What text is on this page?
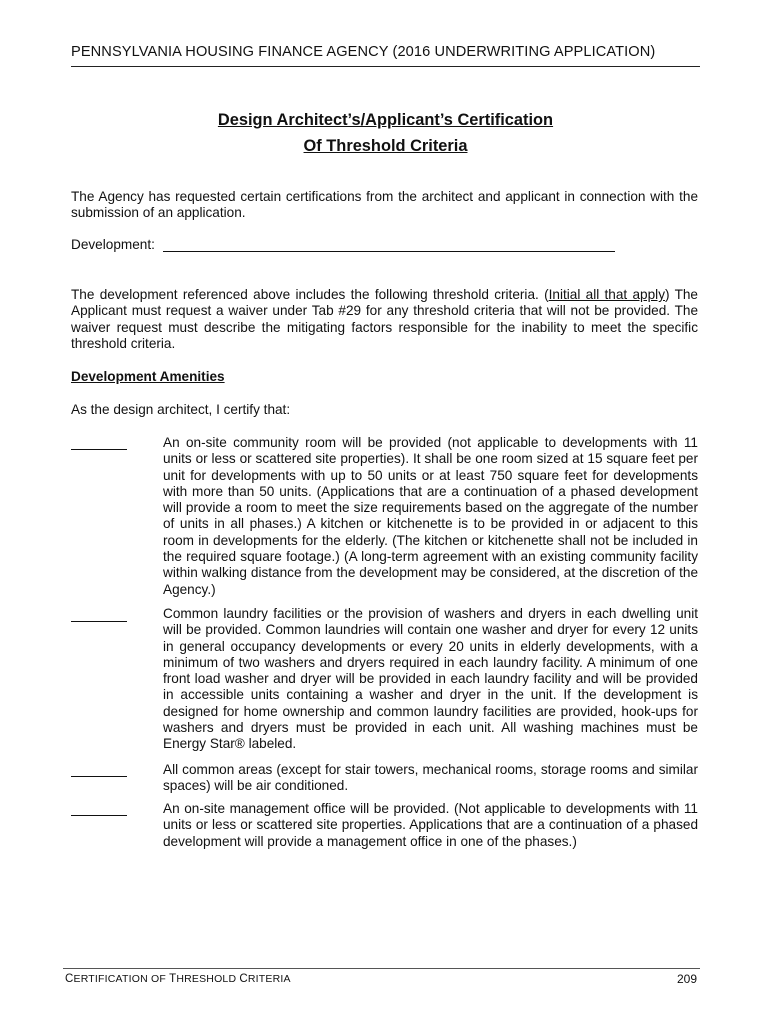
PENNSYLVANIA HOUSING FINANCE AGENCY (2016 UNDERWRITING APPLICATION)
Design Architect’s/Applicant’s Certification
Of Threshold Criteria
The Agency has requested certain certifications from the architect and applicant in connection with the submission of an application.
Development:
The development referenced above includes the following threshold criteria. (Initial all that apply) The Applicant must request a waiver under Tab #29 for any threshold criteria that will not be provided. The waiver request must describe the mitigating factors responsible for the inability to meet the specific threshold criteria.
Development Amenities
As the design architect, I certify that:
An on-site community room will be provided (not applicable to developments with 11 units or less or scattered site properties). It shall be one room sized at 15 square feet per unit for developments with up to 50 units or at least 750 square feet for developments with more than 50 units. (Applications that are a continuation of a phased development will provide a room to meet the size requirements based on the aggregate of the number of units in all phases.) A kitchen or kitchenette is to be provided in or adjacent to this room in developments for the elderly. (The kitchen or kitchenette shall not be included in the required square footage.) (A long-term agreement with an existing community facility within walking distance from the development may be considered, at the discretion of the Agency.)
Common laundry facilities or the provision of washers and dryers in each dwelling unit will be provided. Common laundries will contain one washer and dryer for every 12 units in general occupancy developments or every 20 units in elderly developments, with a minimum of two washers and dryers required in each laundry facility. A minimum of one front load washer and dryer will be provided in each laundry facility and will be provided in accessible units containing a washer and dryer in the unit. If the development is designed for home ownership and common laundry facilities are provided, hook-ups for washers and dryers must be provided in each unit. All washing machines must be Energy Star® labeled.
All common areas (except for stair towers, mechanical rooms, storage rooms and similar spaces) will be air conditioned.
An on-site management office will be provided. (Not applicable to developments with 11 units or less or scattered site properties. Applications that are a continuation of a phased development will provide a management office in one of the phases.)
CERTIFICATION OF THRESHOLD CRITERIA	209
